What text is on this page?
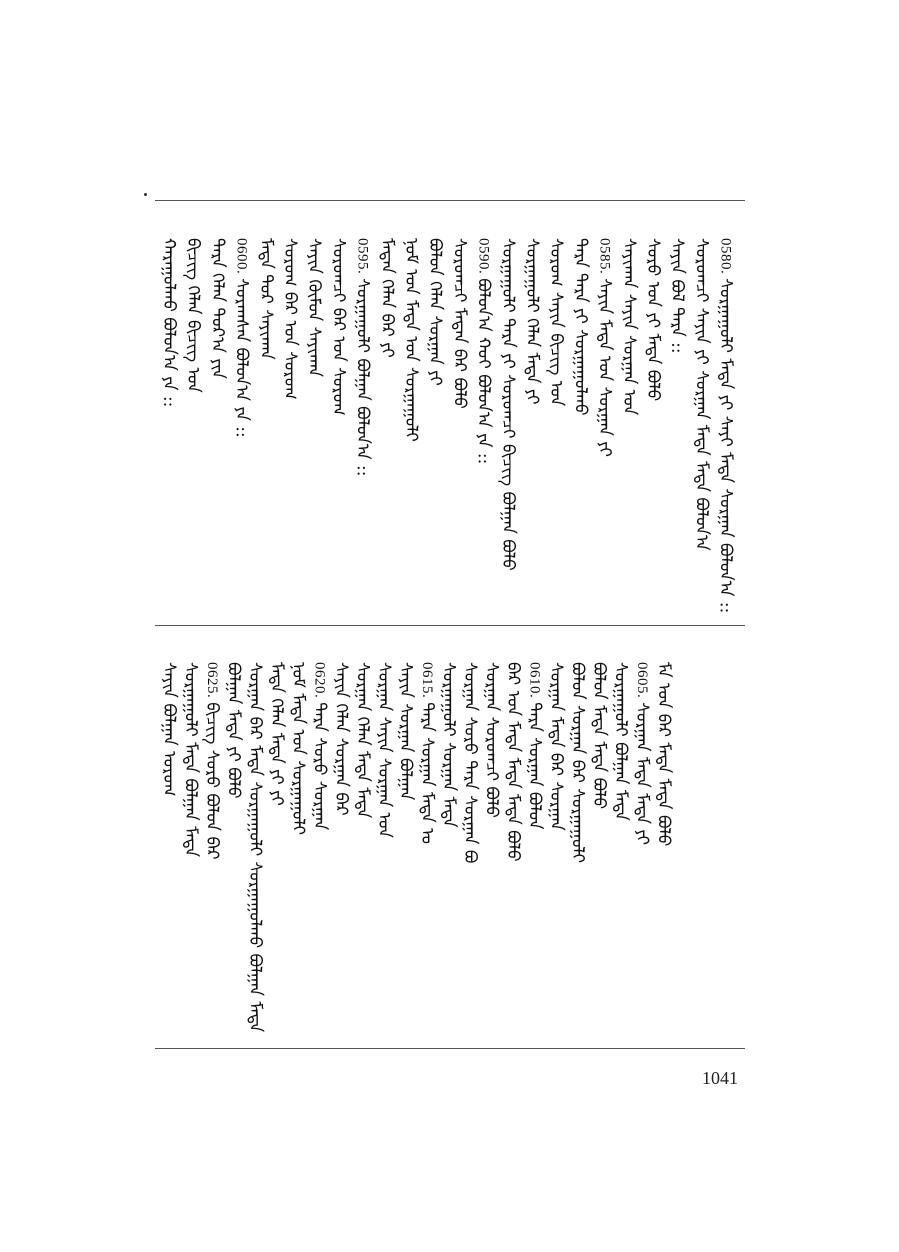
ᠬᠠᠷᠠᠭᠤᠯᠬᠤ ᠪᠣᠯᠤᠨ᠎ᠠ ᠶᠡ :: ᠪᠢᠴᠢᠭ᠌ ᠬᠡᠯᠡᠨ ᠪᠢᠴᠢᠭ᠌ ᠤᠨ ᠲᠡᠷᠡ ᠬᠡᠯᠡᠨ ᠳᠤᠷ᠎ᠠ ᠶᠢᠨ 0600.ᠰᠤᠷᠠᠭᠰᠠᠨ ᠪᠣᠯᠤᠨ᠎ᠠ ᠶᠡ :: ᠮᠡᠳᠡ ᠳᠤᠷ ᠰᠠᠶᠢᠬᠠᠨ ᠰᠤᠷᠤᠭ ᠪᠠᠷ ᠤᠨ ᠰᠤᠷᠤᠭ ᠰᠠᠶᠢᠨ ᠬᠦᠮᠦᠨ ᠰᠠᠶᠢᠬᠠᠨ ᠰᠤᠷᠤᠭᠴᠢ ᠪᠠᠷ ᠤᠨ ᠰᠤᠷᠤᠭ 0595.ᠰᠤᠷᠭᠠᠭᠤᠯᠢ ᠪᠣᠯᠭᠠᠨ ᠪᠣᠯᠤᠨ᠎ᠠ :: ᠮᠡᠳᠡᠨ ᠬᠡᠯᠡᠨ ᠪᠡᠷ ᠶᠢ ᠨᠣᠮ ᠤᠨ ᠮᠡᠳᠡ ᠤᠨ ᠰᠤᠷᠭᠠᠭᠤᠯᠢ ᠪᠣᠯᠤᠨ ᠬᠡᠯᠡᠨ ᠰᠤᠷᠭᠠᠨ ᠶᠢ ᠰᠤᠷᠤᠭᠴᠢ ᠮᠡᠳᠡᠨ ᠪᠠᠷ ᠪᠣᠯᠤ 0590.ᠪᠣᠯᠤᠨ᠎ᠠ ᠬᠤᠢ ᠪᠣᠯᠤᠨ᠎ᠠ ᠶᠡ :: ᠰᠤᠷᠭᠠᠭᠤᠯᠢ ᠲᠡᠷᠡ ᠶᠢ ᠰᠤᠷᠤᠭᠴᠢ ᠪᠢᠴᠢᠭ᠌ ᠪᠣᠯᠭᠠᠨ ᠪᠣᠯᠤ ᠰᠤᠷᠭᠠᠭᠤᠯᠢ ᠬᠡᠯᠡᠨ ᠮᠡᠳᠡ ᠶᠢ ᠰᠤᠷᠤᠭ ᠰᠠᠶᠢᠨ ᠪᠢᠴᠢᠭ᠌ ᠤᠨ ᠲᠡᠷᠡ ᠲᠡᠷᠡ ᠶᠢ ᠰᠤᠷᠭᠠᠭᠤᠯᠬᠤ 0585.ᠰᠠᠶᠢᠨ ᠮᠡᠳᠡ ᠤᠨ ᠰᠤᠷᠭᠠᠨ ᠶᠢ ᠰᠠᠶᠢᠬᠠᠨ ᠰᠠᠶᠢᠨ ᠰᠤᠷᠭᠠᠨ ᠤᠨ ᠰᠤᠷᠤ ᠤᠨ ᠶᠢ ᠮᠡᠳᠡ ᠪᠣᠯᠤ ᠰᠠᠶᠢᠨ ᠪᠣᠯ ᠲᠡᠷᠡ :: ᠰᠤᠷᠤᠭᠴᠢ ᠰᠠᠶᠢᠨ ᠶᠢ ᠰᠤᠷᠭᠠᠨ ᠮᠡᠳᠡ ᠮᠡᠳᠡ ᠪᠣᠯᠤᠨ᠎ᠠ 0580.ᠰᠤᠷᠭᠠᠭᠤᠯᠢ ᠮᠡᠳᠡ ᠶᠢ ᠰᠠᠶᠢ ᠮᠡᠳᠡ ᠰᠤᠷᠭᠠᠨ ᠪᠣᠯᠤᠨ᠎ᠠ ::
ᠰᠠᠶᠢᠨ ᠪᠣᠯᠭᠠᠨ ᠤᠷᠤᠭ ᠰᠤᠷᠭᠠᠭᠤᠯᠢ ᠮᠡᠳᠡ ᠪᠣᠯᠭᠠᠨ ᠮᠡᠳᠡ 0625.ᠪᠢᠴᠢᠭ᠌ ᠰᠤᠷᠤ ᠪᠣᠯᠤᠨ ᠪᠠᠷ ᠪᠣᠯᠭᠠᠨ ᠮᠡᠳᠡ ᠶᠢ ᠪᠣᠯᠤ ᠰᠤᠷᠭᠠᠨ ᠪᠠᠷ ᠮᠡᠳᠡ ᠰᠤᠷᠭᠠᠭᠤᠯᠢ ᠰᠤᠷᠭᠠᠭᠤᠯᠬᠤ ᠪᠣᠯᠭᠠᠨ ᠮᠡᠳᠡ ᠮᠡᠳᠡ ᠬᠡᠯᠡᠨ ᠮᠡᠳᠡ ᠶᠢ ᠶᠢ ᠨᠣᠮ ᠮᠡᠳᠡ ᠤᠨ ᠰᠤᠷᠭᠠᠭᠤᠯᠢ 0620.ᠲᠡᠷᠡ ᠰᠤᠷᠤ ᠰᠤᠷᠭᠠᠨ ᠰᠠᠶᠢᠨ ᠬᠡᠯᠡᠨ ᠰᠤᠷᠭᠠᠨ ᠪᠠᠷ ᠰᠤᠷᠭᠠᠨ ᠬᠡᠯᠡᠨ ᠮᠡᠳᠡ ᠮᠡᠳᠡ ᠰᠤᠷᠭᠠᠨ ᠰᠠᠶᠢᠨ ᠰᠤᠷᠭᠠᠨ ᠤᠨ ᠰᠠᠶᠢᠨ ᠰᠤᠷᠭᠠᠨ ᠪᠣᠯᠭᠠᠨ 0615.ᠲᠡᠷᠡ ᠰᠤᠷᠭᠠᠨ ᠮᠡᠳᠡ ᠣ ᠰᠤᠷᠭᠠᠭᠤᠯᠢ ᠰᠤᠷᠭᠠᠨ ᠮᠡᠳᠡ ᠰᠤᠷᠭᠠᠨ ᠰᠤᠷᠤ ᠲᠡᠷᠡ ᠰᠤᠷᠭᠠᠨ ᠪᠣ ᠰᠤᠷᠭᠠᠨ ᠰᠤᠷᠤᠭᠴᠢ ᠪᠣᠯᠤ ᠪᠠᠷ ᠤᠨ ᠮᠡᠳᠡ ᠮᠡᠳᠡ ᠮᠡᠳᠡ ᠪᠣᠯᠤ 0610.ᠲᠡᠷᠡ ᠰᠤᠷᠭᠠᠨ ᠪᠣᠯᠤᠨ ᠰᠤᠷᠭᠠᠨ ᠮᠡᠳᠡ ᠪᠠᠷ ᠰᠤᠷᠭᠠᠨ ᠪᠣᠯᠤᠨ ᠰᠤᠷᠭᠠᠨ ᠪᠠᠷ ᠰᠤᠷᠭᠠᠭᠤᠯᠢ ᠪᠣᠯᠤᠨ ᠮᠡᠳᠡ ᠮᠡᠳᠡ ᠪᠣᠯᠤ ᠰᠤᠷᠭᠠᠭᠤᠯᠢ ᠪᠣᠯᠭᠠᠨ ᠮᠡᠳᠡ 0605.ᠰᠤᠷᠭᠠᠨ ᠮᠡᠳᠡ ᠮᠡᠳᠡ ᠶᠢ ᠮᠡ ᠤᠨ ᠪᠠᠷ ᠮᠡᠳᠡ ᠮᠡᠳᠡ ᠪᠣᠯᠤ
1041
